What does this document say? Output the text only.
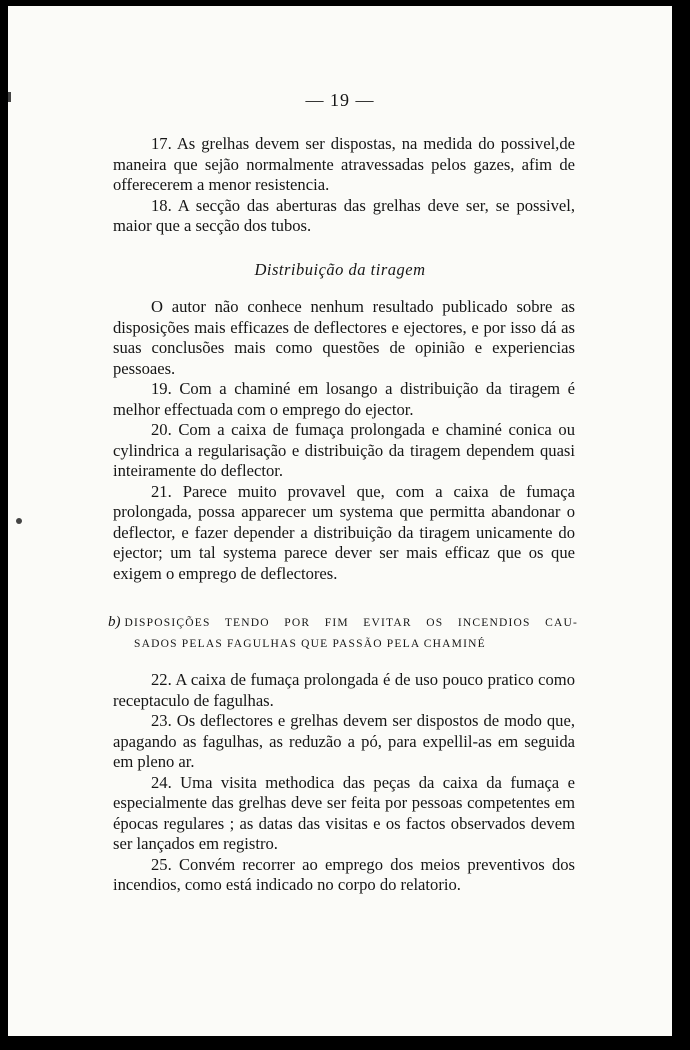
— 19 —

17. As grelhas devem ser dispostas, na medida do possivel,de maneira que sejão normalmente atravessadas pelos gazes, afim de offerecerem a menor resistencia.

18. A secção das aberturas das grelhas deve ser, se possivel, maior que a secção dos tubos.

Distribuição da tiragem

O autor não conhece nenhum resultado publicado sobre as disposições mais efficazes de deflectores e ejectores, e por isso dá as suas conclusões mais como questões de opinião e experiencias pessoaes.

19. Com a chaminé em losango a distribuição da tiragem é melhor effectuada com o emprego do ejector.

20. Com a caixa de fumaça prolongada e chaminé conica ou cylindrica a regularisação e distribuição da tiragem dependem quasi inteiramente do deflector.

21. Parece muito provavel que, com a caixa de fumaça prolongada, possa apparecer um systema que permitta abandonar o deflector, e fazer depender a distribuição da tiragem unicamente do ejector; um tal systema parece dever ser mais efficaz que os que exigem o emprego de deflectores.

b) DISPOSIÇÕES TENDO POR FIM EVITAR OS INCENDIOS CAU-
SADOS PELAS FAGULHAS QUE PASSÃO PELA CHAMINÉ

22. A caixa de fumaça prolongada é de uso pouco pratico como receptaculo de fagulhas.

23. Os deflectores e grelhas devem ser dispostos de modo que, apagando as fagulhas, as reduzão a pó, para expellil-as em seguida em pleno ar.

24. Uma visita methodica das peças da caixa da fumaça e especialmente das grelhas deve ser feita por pessoas competentes em épocas regulares ; as datas das visitas e os factos observados devem ser lançados em registro.

25. Convém recorrer ao emprego dos meios preventivos dos incendios, como está indicado no corpo do relatorio.
